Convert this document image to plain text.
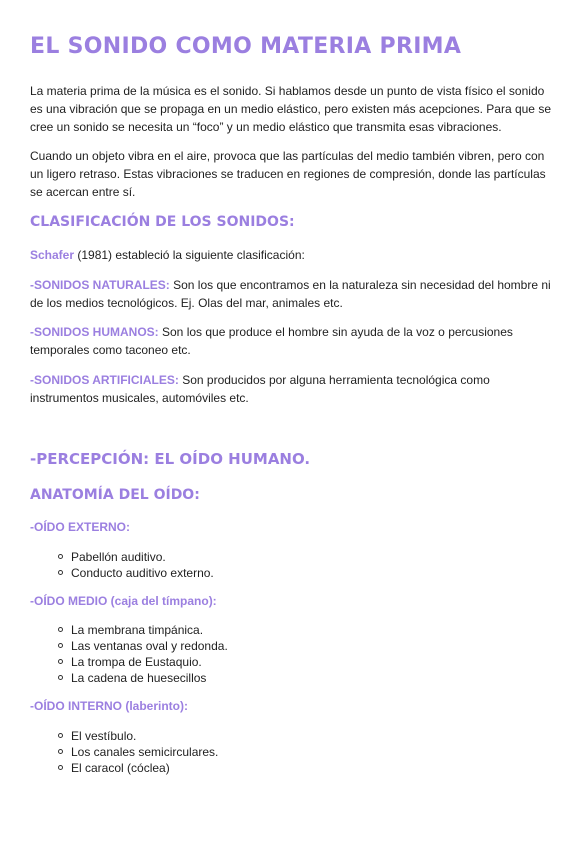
EL SONIDO COMO MATERIA PRIMA

La materia prima de la música es el sonido. Si hablamos desde un punto de vista físico el sonido es una vibración que se propaga en un medio elástico, pero existen más acepciones. Para que se cree un sonido se necesita un “foco” y un medio elástico que transmita esas vibraciones.

Cuando un objeto vibra en el aire, provoca que las partículas del medio también vibren, pero con un ligero retraso. Estas vibraciones se traducen en regiones de compresión, donde las partículas se acercan entre sí.

CLASIFICACIÓN DE LOS SONIDOS:

Schafer (1981) estableció la siguiente clasificación:

-SONIDOS NATURALES: Son los que encontramos en la naturaleza sin necesidad del hombre ni de los medios tecnológicos. Ej. Olas del mar, animales etc.

-SONIDOS HUMANOS: Son los que produce el hombre sin ayuda de la voz o percusiones temporales como taconeo etc.

-SONIDOS ARTIFICIALES: Son producidos por alguna herramienta tecnológica como instrumentos musicales, automóviles etc.

-PERCEPCIÓN: EL OÍDO HUMANO.
ANATOMÍA DEL OÍDO:

-OÍDO EXTERNO:

Pabellón auditivo.
Conducto auditivo externo.

-OÍDO MEDIO (caja del tímpano):

La membrana timpánica.
Las ventanas oval y redonda.
La trompa de Eustaquio.
La cadena de huesecillos

-OÍDO INTERNO (laberinto):

El vestíbulo.
Los canales semicirculares.
El caracol (cóclea)
